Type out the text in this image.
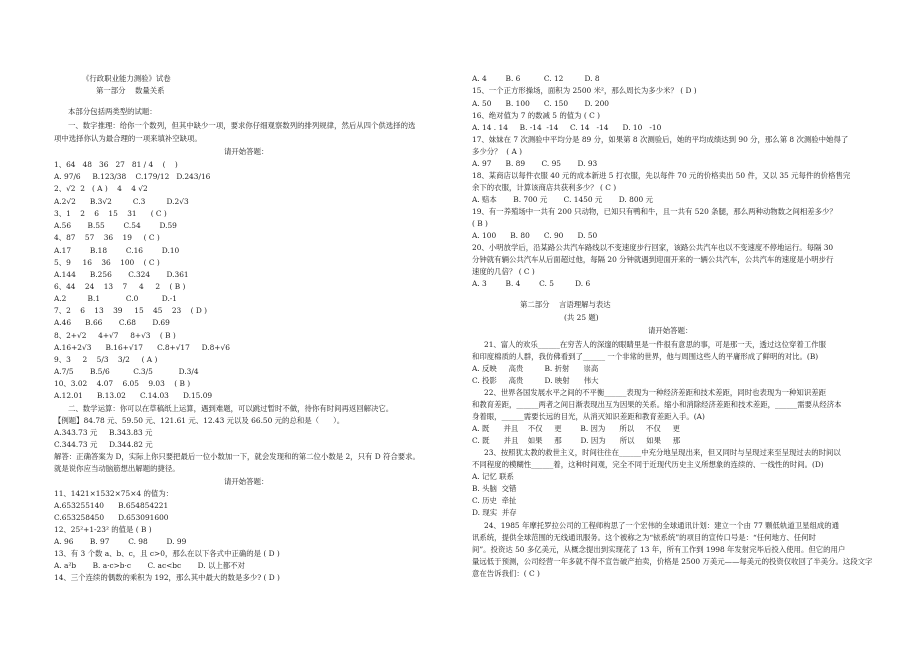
《行政职业能力测验》试卷
第一部分    数量关系
本部分包括两类型的试题：
一、数字推理：给你一个数列，但其中缺少一项，要求你仔细观察数列的排列规律，然后从四个供选择的选
项中选择你认为最合理的一项来填补空缺项。
请开始答题：
1、64   48   36   27   81 / 4    (    )
A. 97/6     B.123/38    C.179/12   D.243/16
2、√2  2   ( A )    4    4 √2
A.2√2      B.3√2         C.3         D.2√3
3、1    2    6    15    31      ( C )
A.56       B.55        C.54        D.59
4、87    57    36    19     ( C )
A.17        B.18        C.16        D.10
5、9     16    36    100    ( C )
A.144      B.256       C.324       D.361
6、44    24    13    7     4     2    ( B )
A.2         B.1           C.0          D.-1
7、2    6    13    39     15    45    23    ( D )
A.46      B.66       C.68       D.69
8、2+√2     4+√7     8+√3    ( B )
A.16+2√3      B.16+√17      C.8+√17     D.8+√6
9、3     2    5/3    3/2     ( A )
A.7/5       B.5/6          C.3/5           D.3/4
10、3.02    4.07    6.05    9.03    ( B )
A.12.01      B.13.02      C.14.03      D.15.09
二、数学运算：你可以在草稿纸上运算，遇到难题，可以跳过暂时不做，待你有时间再返回解决它。
【例题】84.78 元、59.50 元、121.61 元、12.43 元以及 66.50 元的总和是（      ）。
A.343.73 元     B.343.83 元
C.344.73 元     D.344.82 元
解答：正确答案为 D，实际上你只要把最后一位小数加一下，就会发现和的第二位小数是 2，只有 D 符合要求。
就是说你应当动脑筋想出解题的捷径。
请开始答题：
11、1421×1532×75×4 的值为：
A.653255140      B.654854221
C.653258450      D.653091600
12、25²+1-23² 的值是 ( B )
A. 96       B. 97        C. 98        D. 99
13、有 3 个数 a、b、c，且 c>0，那么在以下各式中正确的是 ( D )
A. a²b       B. a·c>b·c       C. ac<bc       D. 以上都不对
14、三个连续的偶数的乘积为 192，那么其中最大的数是多少? ( D )
A. 4        B. 6          C. 12         D. 8
15、一个正方形操场，面积为 2500 米²，那么周长为多少米？ ( D )
A. 50      B. 100      C. 150       D. 200
16、绝对值为 7 的数减 5 的值为 ( C )
A. 14 . 14     B. -14  -14     C. 14   -14      D. 10   -10
17、妹妹在 7 次测验中平均分是 89 分，如果第 8 次测验后，她的平均成绩达到 90 分，那么第 8 次测验中她得了
多少分？  ( A )
A. 97      B. 89       C. 95       D. 93
18、某商店以每件衣服 40 元的成本新进 5 打衣服，先以每件 70 元的价格卖出 50 件，又以 35 元每件的价格售完
余下的衣服，计算该商店共获利多少？ ( C )
A. 赔本       B. 700 元       C. 1450 元       D. 800 元
19、有一养殖场中一共有 200 只动物，已知只有鸭和牛，且一共有 520 条腿，那么两种动物数之间相差多少？
( B )
A. 100      B. 80      C. 90      D. 50
20、小明放学后，沿某路公共汽车路线以不变速度步行回家，该路公共汽车也以不变速度不停地运行。每隔 30
分钟就有辆公共汽车从后面超过他，每隔 20 分钟就遇到迎面开来的一辆公共汽车，公共汽车的速度是小明步行
速度的几倍？ ( C )
A. 3        B. 4        C. 5         D. 6
第二部分    言语理解与表达
(共 25 题)
请开始答题：
21、富人的欢乐______在穷苦人的深邃的眼睛里是一件很有意思的事，可是那一天，透过这位穿着工作服
和印度棉质的人群，我仿佛看到了______ 一个非常的世界，他与周围这些人的平庸形成了鲜明的对比。(B)
A. 反映     高贵         B. 折射      崇高
C. 投影     高贵         D. 映射      伟大
22、世界各国发展水平之间的不平衡______表现为一种经济差距和技术差距，同时也表现为一种知识差距
和教育差距，______两者之间日渐表现出互为因果的关系。缩小和消除经济差距和技术差距，______需要从经济本
身着眼，______需要长远的目光，从消灭知识差距和教育差距入手。(A)
A. 既      并且    不仅     更        B. 因为      所以     不仅     更
C. 既      并且    如果     那        D. 因为      所以     如果     那
23、按照犹太教的救世主义，时间往往在______中充分地呈现出来，但又同时与呈现过来至呈现过去的时间以
不同程度的模糊性______着，这种时间观，完全不同于近现代历史主义所想象的连续的、一线性的时间。(D)
A. 记忆 联系
B. 头脑  交错
C. 历史  牵扯
D. 现实  并存
24、1985 年摩托罗拉公司的工程师构思了一个宏伟的全球通讯计划：建立一个由 77 颗低轨道卫星组成的通
讯系统，提供全球范围的无线通讯服务。这个被称之为“铱系统”的项目的宣传口号是：“任何地方、任何时
间”。投资达 50 多亿美元，从概念提出到实现花了 13 年，所有工作到 1998 年发射完毕后投入使用。但它的用户
量远低于预测，公司经营一年多就不得不宣告破产拍卖，价格是 2500 万美元——每美元的投资仅收回了半美分。这段文字
意在告诉我们：( C )
